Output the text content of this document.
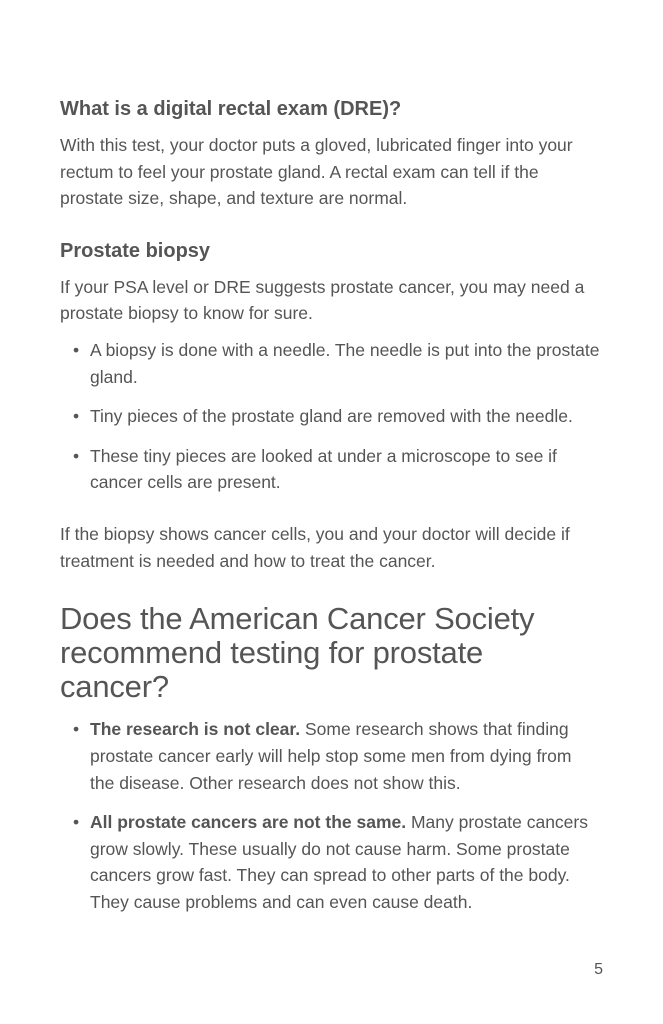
What is a digital rectal exam (DRE)?

With this test, your doctor puts a gloved, lubricated finger into your rectum to feel your prostate gland. A rectal exam can tell if the prostate size, shape, and texture are normal.

Prostate biopsy

If your PSA level or DRE suggests prostate cancer, you may need a prostate biopsy to know for sure.

• A biopsy is done with a needle. The needle is put into the prostate gland.
• Tiny pieces of the prostate gland are removed with the needle.
• These tiny pieces are looked at under a microscope to see if cancer cells are present.

If the biopsy shows cancer cells, you and your doctor will decide if treatment is needed and how to treat the cancer.

Does the American Cancer Society recommend testing for prostate cancer?
• The research is not clear. Some research shows that finding prostate cancer early will help stop some men from dying from the disease. Other research does not show this.
• All prostate cancers are not the same. Many prostate cancers grow slowly. These usually do not cause harm. Some prostate cancers grow fast. They can spread to other parts of the body. They cause problems and can even cause death.
5
